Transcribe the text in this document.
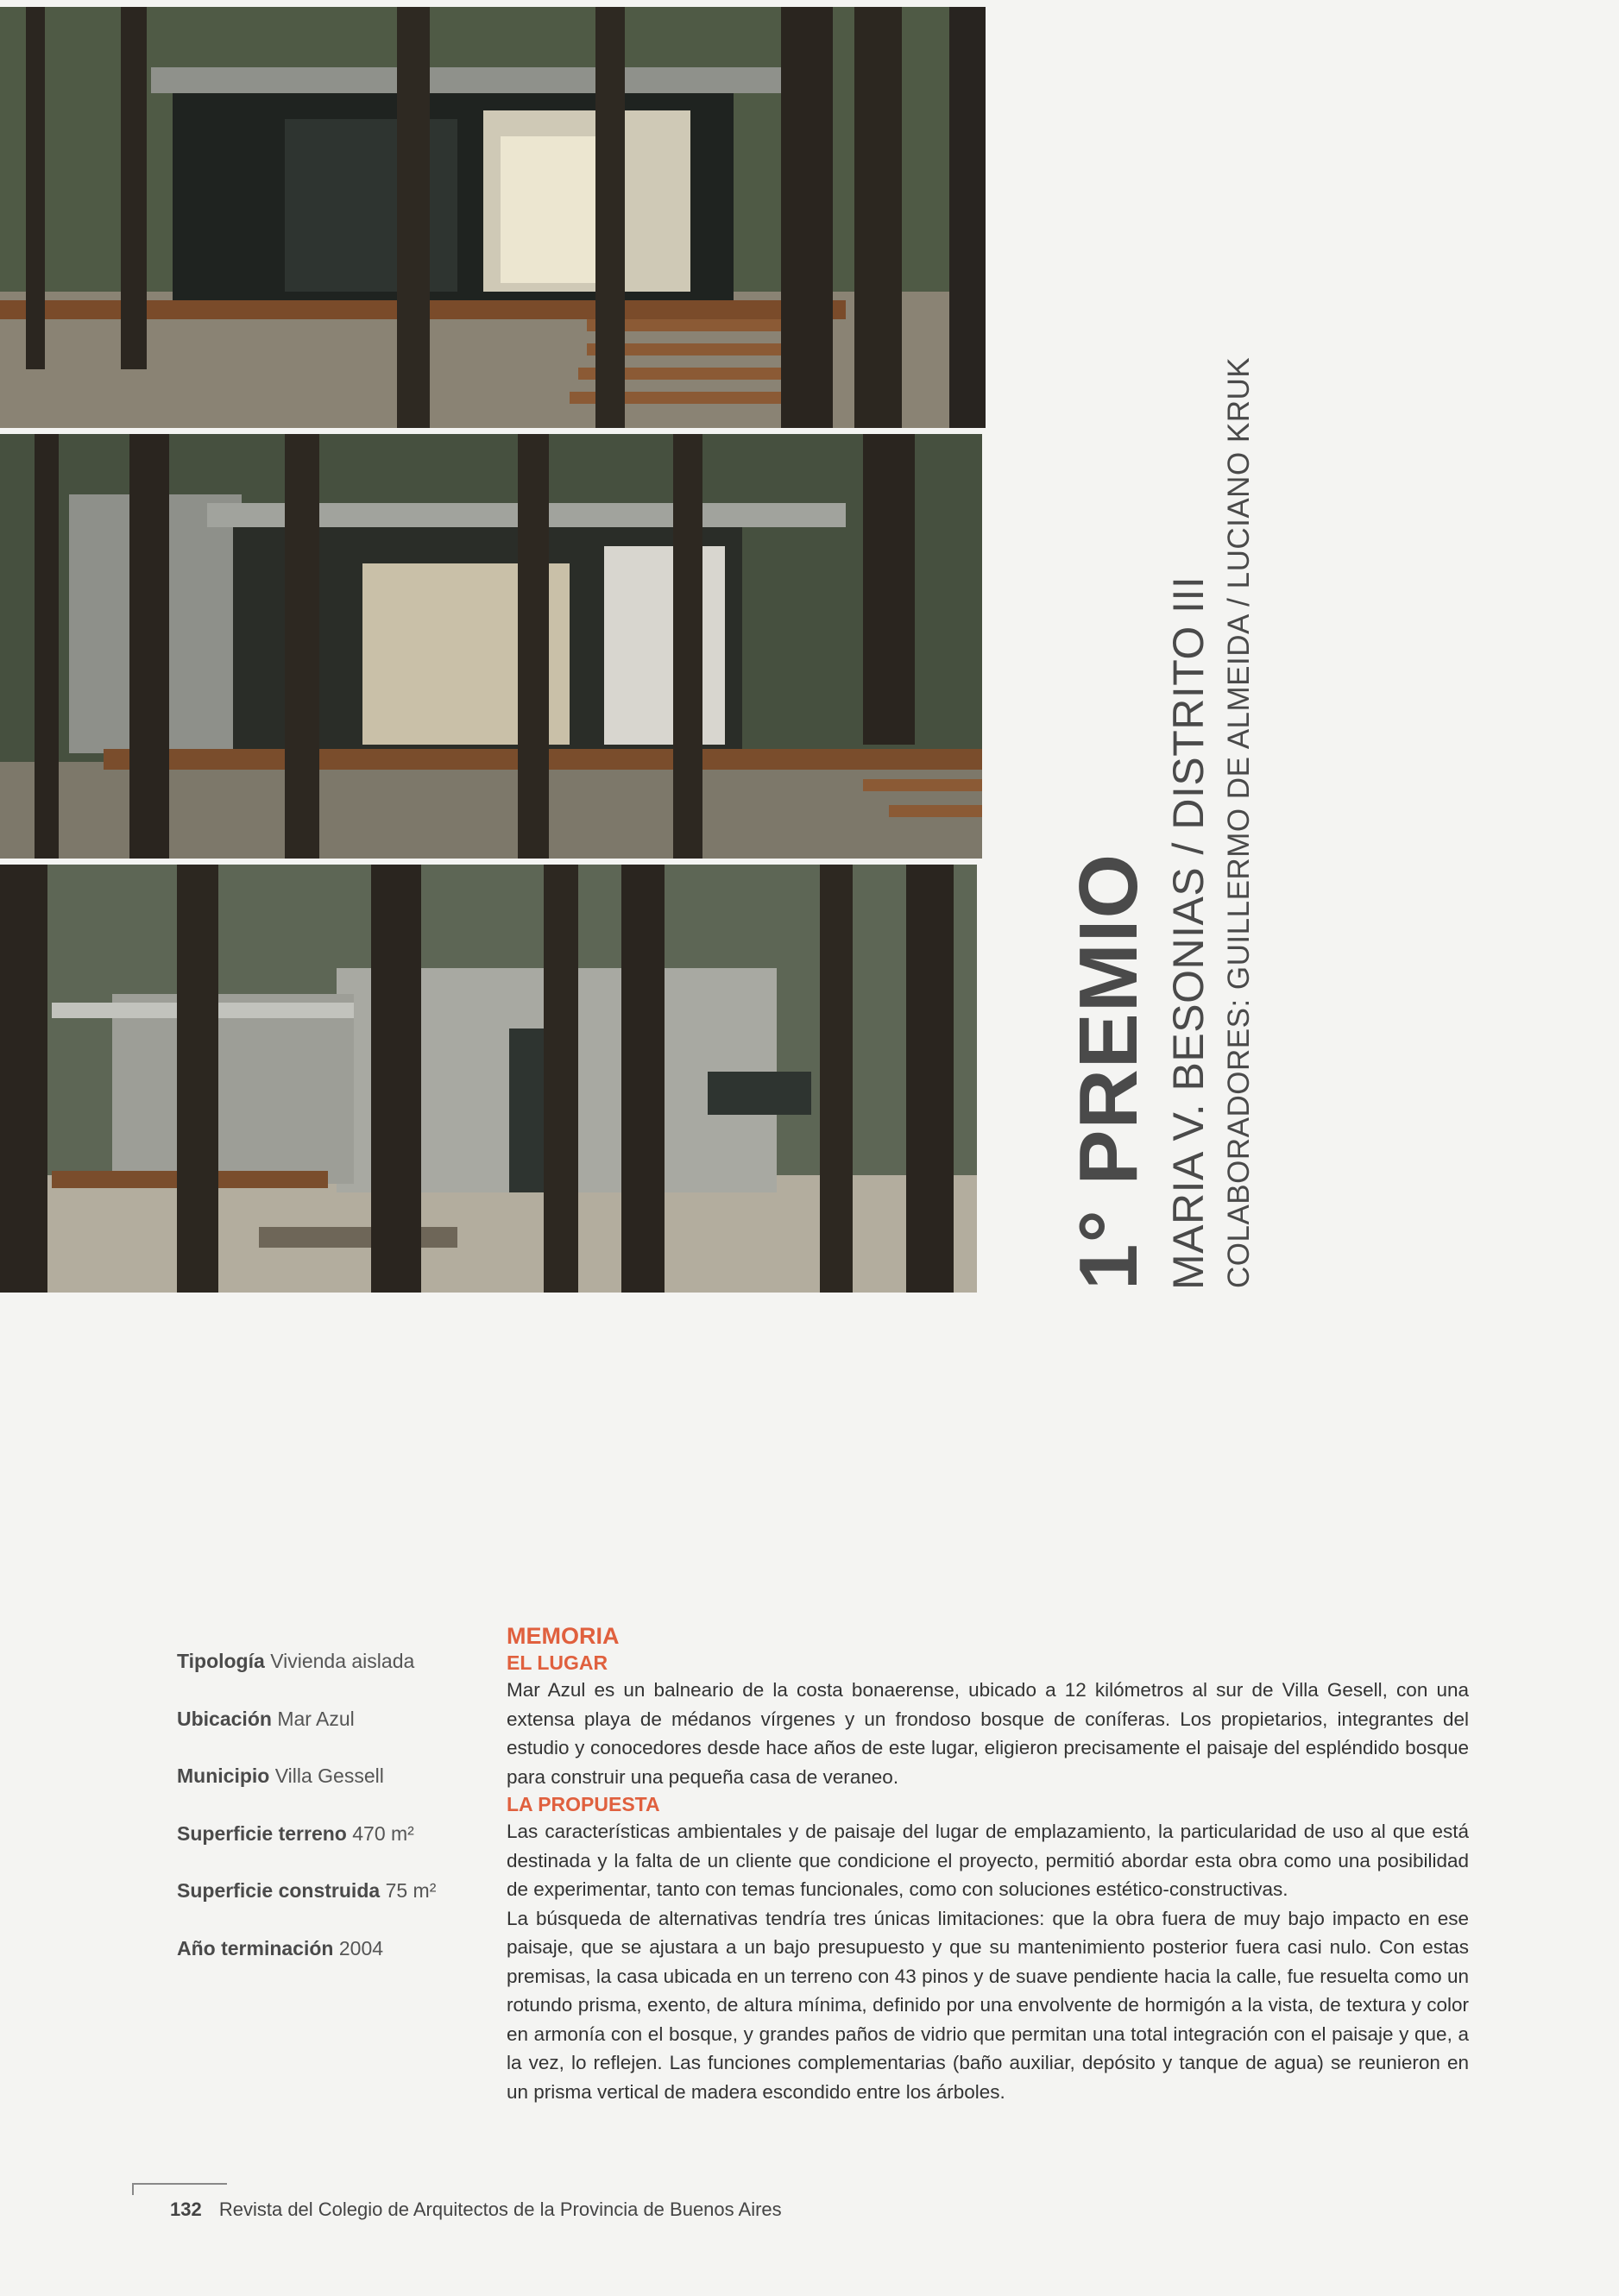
1° PREMIO MARIA V. BESONIAS / DISTRITO III COLABORADORES: GUILLERMO DE ALMEIDA / LUCIANO KRUK
Tipología Vivienda aislada
Ubicación Mar Azul
Municipio Villa Gessell
Superficie terreno 470 m²
Superficie construida 75 m²
Año terminación 2004
MEMORIA
EL LUGAR

Mar Azul es un balneario de la costa bonaerense, ubicado a 12 kilómetros al sur de Villa Gesell, con una extensa playa de médanos vírgenes y un frondoso bosque de coníferas. Los propietarios, integrantes del estudio y conocedores desde hace años de este lugar, eligieron precisamente el paisaje del espléndido bosque para construir una pequeña casa de veraneo.

LA PROPUESTA

Las características ambientales y de paisaje del lugar de emplazamiento, la particularidad de uso al que está destinada y la falta de un cliente que condicione el proyecto, permitió abordar esta obra como una posibilidad de experimentar, tanto con temas funcionales, como con soluciones estético-constructivas.

La búsqueda de alternativas tendría tres únicas limitaciones: que la obra fuera de muy bajo impacto en ese paisaje, que se ajustara a un bajo presupuesto y que su mantenimiento posterior fuera casi nulo. Con estas premisas, la casa ubicada en un terreno con 43 pinos y de suave pendiente hacia la calle, fue resuelta como un rotundo prisma, exento, de altura mínima, definido por una envolvente de hormigón a la vista, de textura y color en armonía con el bosque, y grandes paños de vidrio que permitan una total integración con el paisaje y que, a la vez, lo reflejen. Las funciones complementarias (baño auxiliar, depósito y tanque de agua) se reunieron en un prisma vertical de madera escondido entre los árboles.

132 Revista del Colegio de Arquitectos de la Provincia de Buenos Aires
